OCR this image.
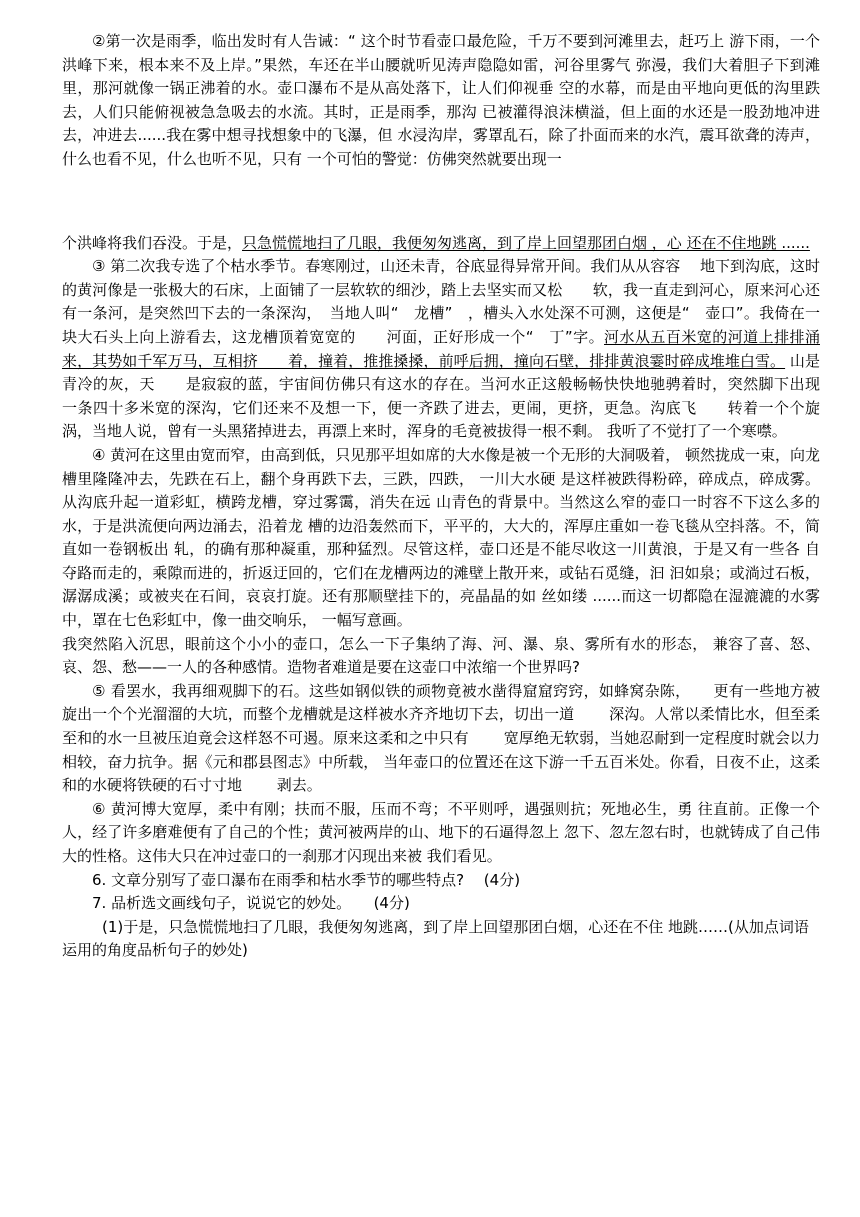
②第一次是雨季，临出发时有人告诫：“ 这个时节看壶口最危险，千万不要到河滩里去，赶巧上 游下雨，一个洪峰下来，根本来不及上岸。”果然，车还在半山腰就听见涛声隐隐如雷，河谷里雾气 弥漫，我们大着胆子下到滩里，那河就像一锅正沸着的水。壶口瀑布不是从高处落下，让人们仰视垂 空的水幕，而是由平地向更低的沟里跌去，人们只能俯视被急急吸去的水流。其时，正是雨季，那沟 已被灌得浪沫横溢，但上面的水还是一股劲地冲进去，冲进去......我在雾中想寻找想象中的飞瀑，但 水浸沟岸，雾罩乱石，除了扑面而来的水汽，震耳欲聋的涛声，什么也看不见，什么也听不见，只有 一个可怕的警觉：仿佛突然就要出现一

个洪峰将我们吞没。于是，只急慌慌地扫了几眼，我便匆匆逃离，到了岸上回望那团白烟 ，心 还在不住地跳 ......

③ 第二次我专选了个枯水季节。春寒刚过，山还未青，谷底显得异常开间。我们从从容容　 地下到沟底，这时的黄河像是一张极大的石床，上面铺了一层软软的细沙，踏上去坚实而又松　　软，我一直走到河心，原来河心还有一条河，是突然凹下去的一条深沟，　当地人叫“　龙槽”　，槽头入水处深不可测，这便是“　壶口”。我倚在一块大石头上向上游看去，这龙槽顶着宽宽的　　河面，正好形成一个“　丁”字。河水从五百米宽的河道上排排涌来，其势如千军万马，互相挤　　着，撞着，推推搡搡，前呼后拥，撞向石壁，排排黄浪霎时碎成堆堆白雪。 山是青冷的灰，天　　是寂寂的蓝，宇宙间仿佛只有这水的存在。当河水正这般畅畅快快地驰骋着时，突然脚下出现　　一条四十多米宽的深沟，它们还来不及想一下，便一齐跌了进去，更闹，更挤，更急。沟底飞　　转着一个个旋涡，当地人说，曾有一头黑猪掉进去，再漂上来时，浑身的毛竟被拔得一根不剩。 我听了不觉打了一个寒噤。

④ 黄河在这里由宽而窄，由高到低，只见那平坦如席的大水像是被一个无形的大洞吸着， 顿然拢成一束，向龙槽里隆隆冲去，先跌在石上，翻个身再跌下去，三跌，四跌， 一川大水硬 是这样被跌得粉碎，碎成点，碎成雾。从沟底升起一道彩虹，横跨龙槽，穿过雾霭，消失在远 山青色的背景中。当然这么窄的壶口一时容不下这么多的水，于是洪流便向两边涌去，沿着龙 槽的边沿轰然而下，平平的，大大的，浑厚庄重如一卷飞毯从空抖落。不，简直如一卷钢板出 轧，的确有那种凝重，那种猛烈。尽管这样，壶口还是不能尽收这一川黄浪，于是又有一些各 自夺路而走的，乘隙而进的，折返迂回的，它们在龙槽两边的滩壁上散开来，或钻石觅缝，汩 汩如泉；或淌过石板，潺潺成溪；或被夹在石间，哀哀打旋。还有那顺壁挂下的，亮晶晶的如 丝如缕 ......而这一切都隐在湿漉漉的水雾中，罩在七色彩虹中，像一曲交响乐， 一幅写意画。

我突然陷入沉思，眼前这个小小的壶口，怎么一下子集纳了海、河、瀑、泉、雾所有水的形态， 兼容了喜、怒、哀、怨、愁——一人的各种感情。造物者难道是要在这壶口中浓缩一个世界吗?

⑤ 看罢水，我再细观脚下的石。这些如钢似铁的顽物竟被水凿得窟窟窍窍，如蜂窝杂陈，　　更有一些地方被旋出一个个光溜溜的大坑，而整个龙槽就是这样被水齐齐地切下去，切出一道　　 深沟。人常以柔情比水，但至柔至和的水一旦被压迫竟会这样怒不可遏。原来这柔和之中只有　　 宽厚绝无软弱，当她忍耐到一定程度时就会以力相较，奋力抗争。据《元和郡县图志》中所载， 当年壶口的位置还在这下游一千五百米处。你看，日夜不止，这柔和的水硬将铁硬的石寸寸地　　 剥去。

⑥ 黄河博大宽厚，柔中有刚；扶而不服，压而不弯；不平则呼，遇强则抗；死地必生，勇 往直前。正像一个人，经了许多磨难便有了自己的个性；黄河被两岸的山、地下的石逼得忽上 忽下、忽左忽右时，也就铸成了自己伟大的性格。这伟大只在冲过壶口的一刹那才闪现出来被 我们看见。

6. 文章分别写了壶口瀑布在雨季和枯水季节的哪些特点?　 (4分)

7. 品析选文画线句子，说说它的妙处。　　(4分)

(1)于是，只急慌慌地扫了几眼，我便匆匆逃离，到了岸上回望那团白烟，心还在不住 地跳……(从加点词语运用的角度品析句子的妙处)
